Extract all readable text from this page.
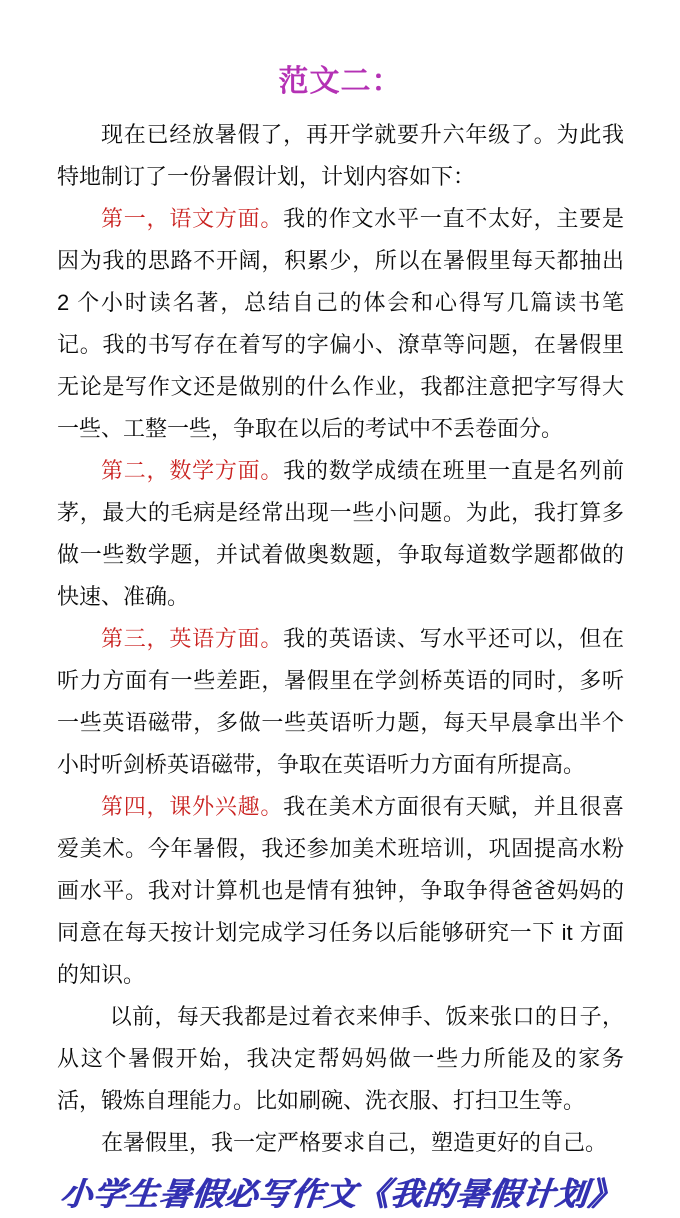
范文二：

现在已经放暑假了，再开学就要升六年级了。为此我特地制订了一份暑假计划，计划内容如下：

第一，语文方面。我的作文水平一直不太好，主要是因为我的思路不开阔，积累少，所以在暑假里每天都抽出 2 个小时读名著，总结自己的体会和心得写几篇读书笔记。我的书写存在着写的字偏小、潦草等问题，在暑假里无论是写作文还是做别的什么作业，我都注意把字写得大一些、工整一些，争取在以后的考试中不丢卷面分。

第二，数学方面。我的数学成绩在班里一直是名列前茅，最大的毛病是经常出现一些小问题。为此，我打算多做一些数学题，并试着做奥数题，争取每道数学题都做的快速、准确。

第三，英语方面。我的英语读、写水平还可以，但在听力方面有一些差距，暑假里在学剑桥英语的同时，多听一些英语磁带，多做一些英语听力题，每天早晨拿出半个小时听剑桥英语磁带，争取在英语听力方面有所提高。

第四，课外兴趣。我在美术方面很有天赋，并且很喜爱美术。今年暑假，我还参加美术班培训，巩固提高水粉画水平。我对计算机也是情有独钟，争取争得爸爸妈妈的同意在每天按计划完成学习任务以后能够研究一下 it 方面的知识。

以前，每天我都是过着衣来伸手、饭来张口的日子，从这个暑假开始，我决定帮妈妈做一些力所能及的家务活，锻炼自理能力。比如刷碗、洗衣服、打扫卫生等。

在暑假里，我一定严格要求自己，塑造更好的自己。

小学生暑假必写作文《我的暑假计划》
